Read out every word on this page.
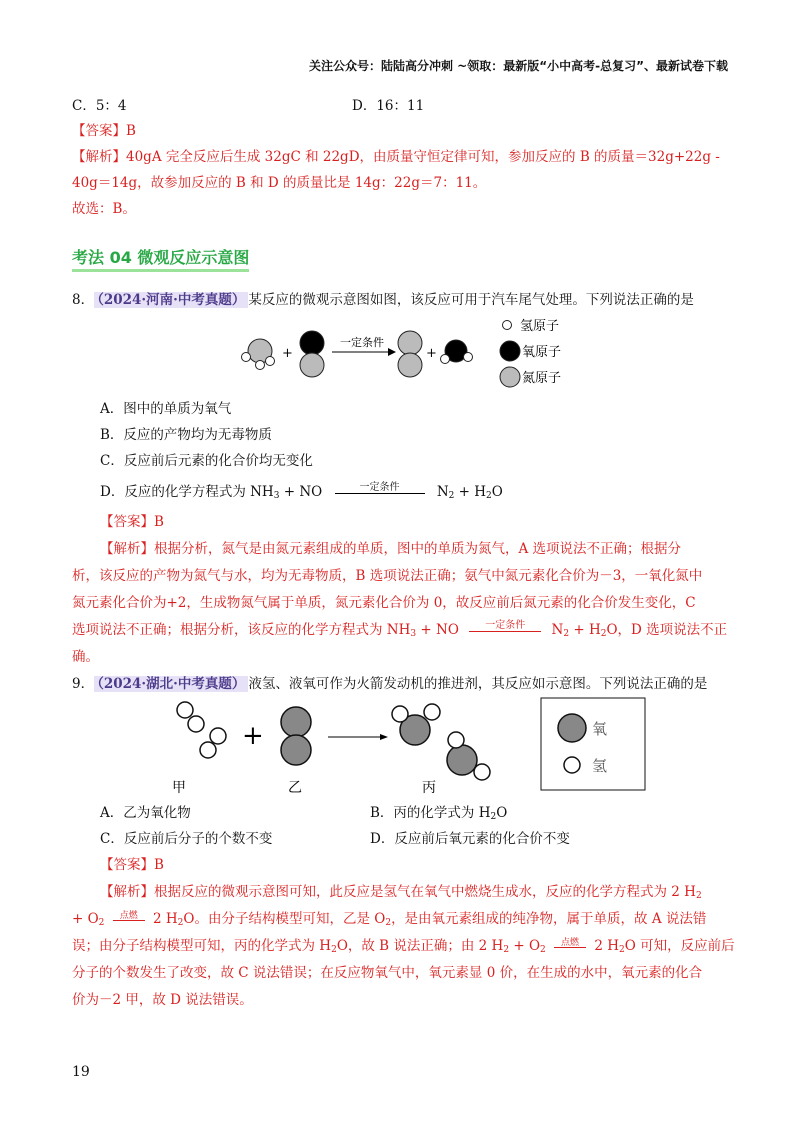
关注公众号：陆陆高分冲刺 ~领取：最新版“小中高考-总复习”、最新试卷下载
C．5：4	D．16：11
【答案】B
【解析】40gA 完全反应后生成 32gC 和 22gD，由质量守恒定律可知，参加反应的 B 的质量＝32g+22g -
40g＝14g，故参加反应的 B 和 D 的质量比是 14g：22g＝7：11。
故选：B。
考法 04 微观反应示意图
8． （2024·河南·中考真题） 某反应的微观示意图如图，该反应可用于汽车尾气处理。下列说法正确的是
+
一定条件
+
氢原子
氧原子
氮原子
A．图中的单质为氧气
B．反应的产物均为无毒物质
C．反应前后元素的化合价均无变化
D．反应的化学方程式为 $NH_3$ + NO	一定条件	$N_2 + H_2O$
【答案】B
【解析】根据分析，氮气是由氮元素组成的单质，图中的单质为氮气，A 选项说法不正确；根据分
析，该反应的产物为氮气与水，均为无毒物质，B 选项说法正确；氨气中氮元素化合价为－3，一氧化氮中
氮元素化合价为+2，生成物氮气属于单质，氮元素化合价为 0，故反应前后氮元素的化合价发生变化，C
选项说法不正确；根据分析，该反应的化学方程式为 $NH_3$ + NO	一定条件 $N_2 + H_2O$，D 选项说法不正
确。
9． （2024·湖北·中考真题） 液氢、液氧可作为火箭发动机的推进剂，其反应如示意图。下列说法正确的是
+
甲	乙	丙
氧
氢
A．乙为氧化物	B．丙的化学式为 $H_2O$
C．反应前后分子的个数不变	D．反应前后氧元素的化合价不变
【答案】B
【解析】根据反应的微观示意图可知，此反应是氢气在氧气中燃烧生成水，反应的化学方程式为 2 $H_2$
+ $O_2$ 点燃 2 $H_2O$。由分子结构模型可知，乙是 $O_2$，是由氧元素组成的纯净物，属于单质，故 A 说法错
误；由分子结构模型可知，丙的化学式为 $H_2O$，故 B 说法正确；由 2 $H_2 + O_2$ 点燃 2 $H_2O$ 可知，反应前后
分子的个数发生了改变，故 C 说法错误；在反应物氧气中，氧元素显 0 价，在生成的水中，氧元素的化合
价为－2 甲，故 D 说法错误。
19
